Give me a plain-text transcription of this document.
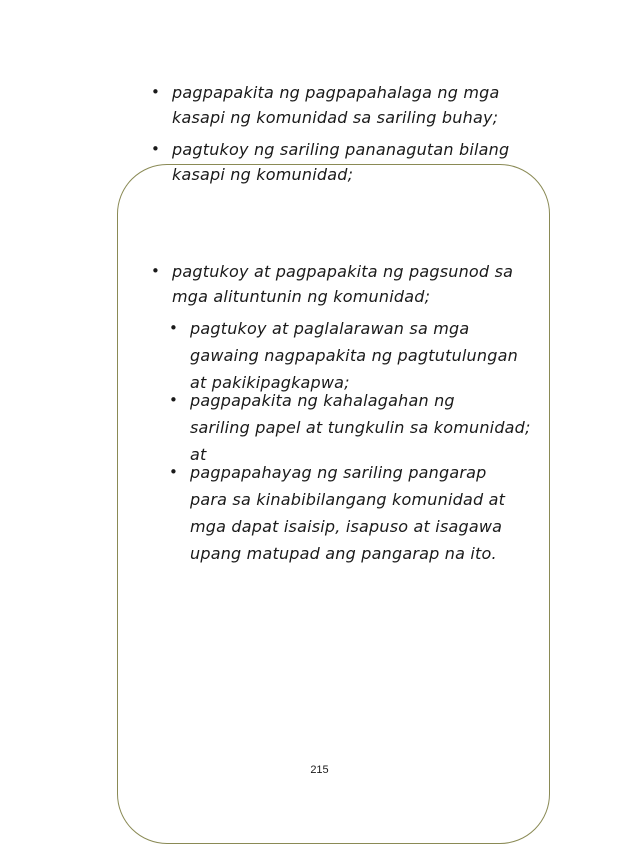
• pagpapakita ng pagpapahalaga ng mga
kasapi ng komunidad sa sariling buhay;
• pagtukoy ng sariling pananagutan bilang
kasapi ng komunidad;
• pagtukoy at pagpapakita ng pagsunod sa
mga alituntunin ng komunidad;
• pagtukoy at paglalarawan sa mga
gawaing nagpapakita ng pagtutulungan
at pakikipagkapwa;
• pagpapakita ng kahalagahan ng
sariling papel at tungkulin sa komunidad;
at
• pagpapahayag ng sariling pangarap
para sa kinabibilangang komunidad at
mga dapat isaisip, isapuso at isagawa
upang matupad ang pangarap na ito.
215
